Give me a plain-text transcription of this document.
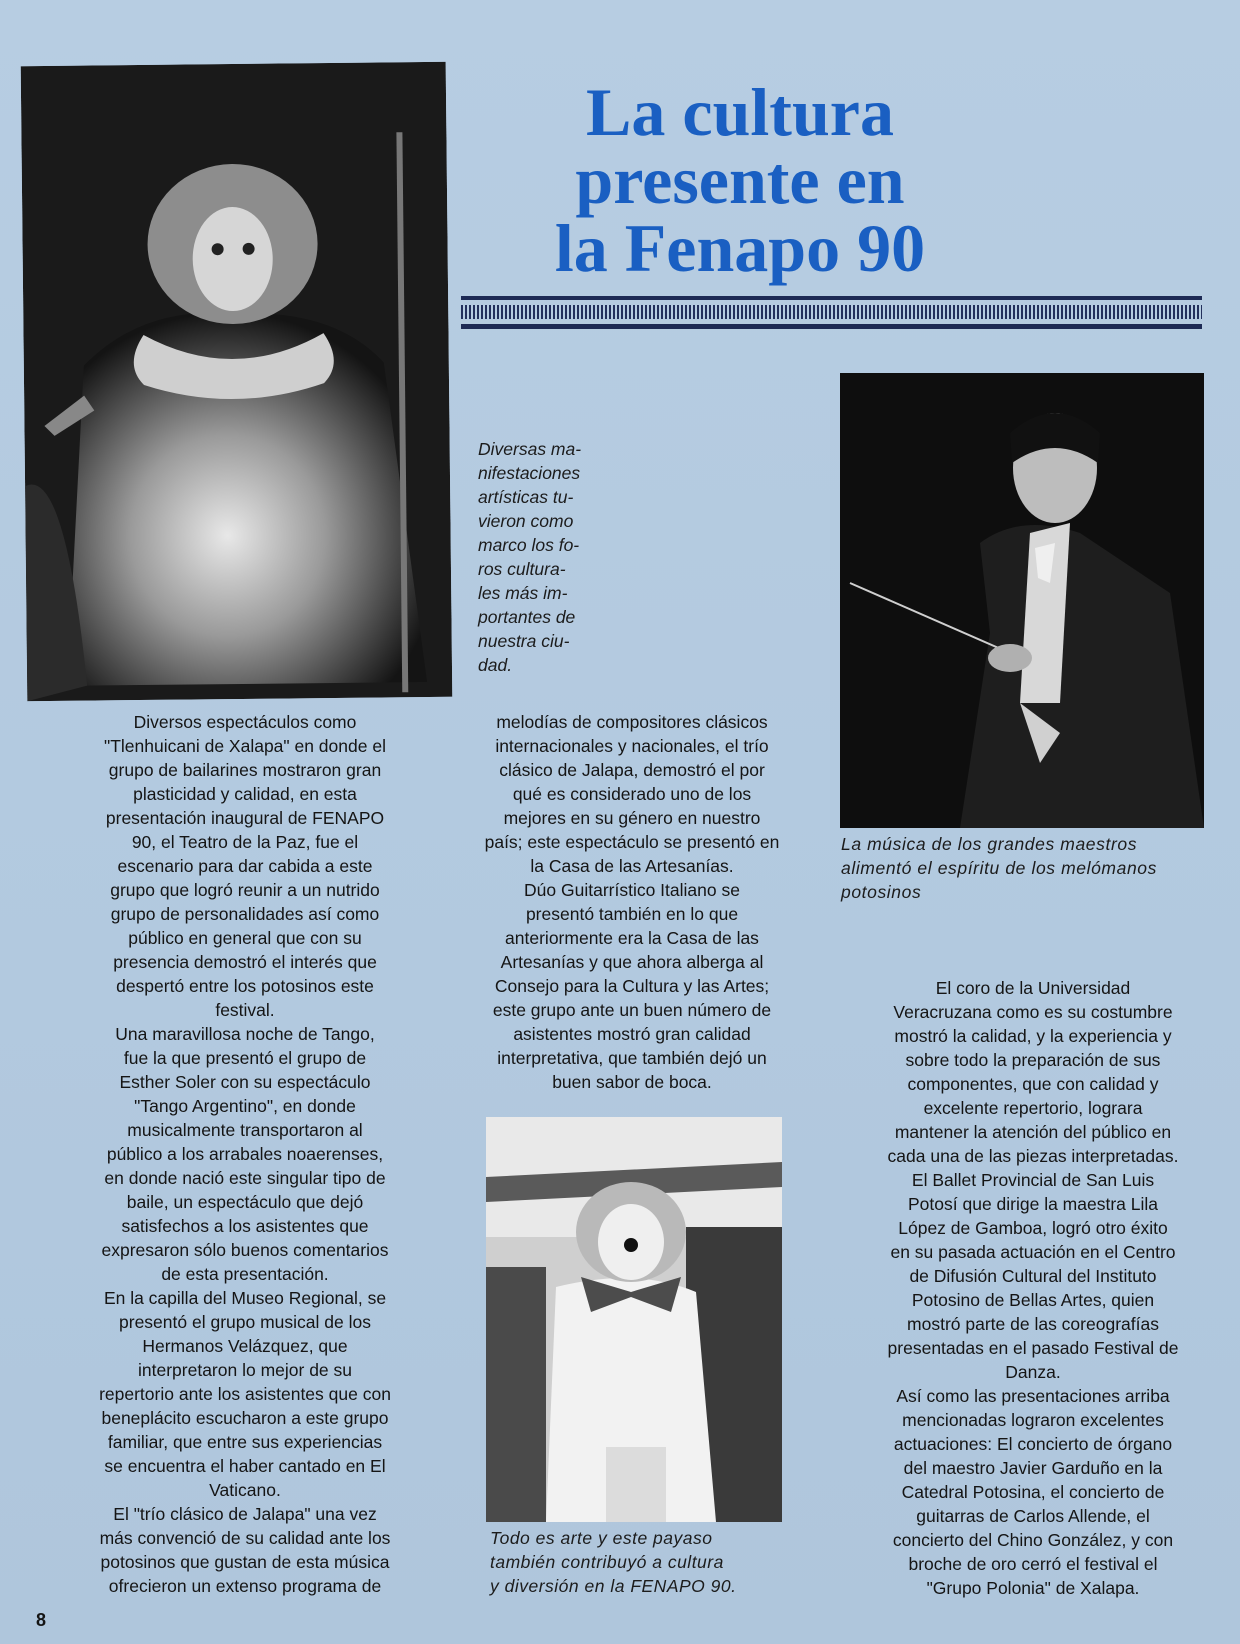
La cultura
presente en
la Fenapo 90
Diversas ma-
nifestaciones
artísticas tu-
vieron como
marco los fo-
ros cultura-
les más im-
portantes de
nuestra ciu-
dad.
La música de los grandes maestros
alimentó el espíritu de los melómanos
potosinos
Todo es arte y este payaso
también contribuyó a cultura
y diversión en la FENAPO 90.

Diversos espectáculos como

"Tlenhuicani de Xalapa" en donde el

grupo de bailarines mostraron gran

plasticidad y calidad, en esta

presentación inaugural de FENAPO

90, el Teatro de la Paz, fue el

escenario para dar cabida a este

grupo que logró reunir a un nutrido

grupo de personalidades así como

público en general que con su

presencia demostró el interés que

despertó entre los potosinos este

festival.

Una maravillosa noche de Tango,

fue la que presentó el grupo de

Esther Soler con su espectáculo

"Tango Argentino", en donde

musicalmente transportaron al

público a los arrabales noaerenses,

en donde nació este singular tipo de

baile, un espectáculo que dejó

satisfechos a los asistentes que

expresaron sólo buenos comentarios

de esta presentación.

En la capilla del Museo Regional, se

presentó el grupo musical de los

Hermanos Velázquez, que

interpretaron lo mejor de su

repertorio ante los asistentes que con

beneplácito escucharon a este grupo

familiar, que entre sus experiencias

se encuentra el haber cantado en El

Vaticano.

El "trío clásico de Jalapa" una vez

más convenció de su calidad ante los

potosinos que gustan de esta música

ofrecieron un extenso programa de

melodías de compositores clásicos

internacionales y nacionales, el trío

clásico de Jalapa, demostró el por

qué es considerado uno de los

mejores en su género en nuestro

país; este espectáculo se presentó en

la Casa de las Artesanías.

Dúo Guitarrístico Italiano se

presentó también en lo que

anteriormente era la Casa de las

Artesanías y que ahora alberga al

Consejo para la Cultura y las Artes;

este grupo ante un buen número de

asistentes mostró gran calidad

interpretativa, que también dejó un

buen sabor de boca.

El coro de la Universidad

Veracruzana como es su costumbre

mostró la calidad, y la experiencia y

sobre todo la preparación de sus

componentes, que con calidad y

excelente repertorio, lograra

mantener la atención del público en

cada una de las piezas interpretadas.

El Ballet Provincial de San Luis

Potosí que dirige la maestra Lila

López de Gamboa, logró otro éxito

en su pasada actuación en el Centro

de Difusión Cultural del Instituto

Potosino de Bellas Artes, quien

mostró parte de las coreografías

presentadas en el pasado Festival de

Danza.

Así como las presentaciones arriba

mencionadas lograron excelentes

actuaciones: El concierto de órgano

del maestro Javier Garduño en la

Catedral Potosina, el concierto de

guitarras de Carlos Allende, el

concierto del Chino González, y con

broche de oro cerró el festival el

"Grupo Polonia" de Xalapa.

8
